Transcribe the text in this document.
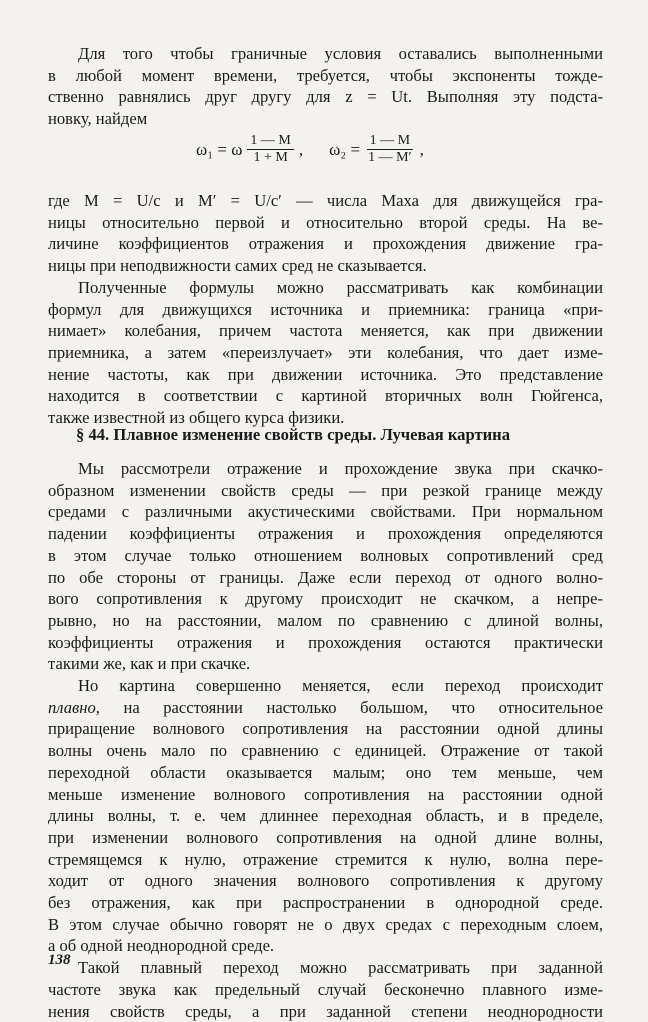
Для того чтобы граничные условия оставались выполненными
в любой момент времени, требуется, чтобы экспоненты тожде-
ственно равнялись друг другу для z = Ut. Выполняя эту подста-
новку, найдем
ω₁ = ω $\frac{1 — M}{1 + M}$ , $\omega_2 = \frac{1 — M}{1 — M'}$ ,
где M = U/c и M′ = U/c′ — числа Маха для движущейся гра-
ницы относительно первой и относительно второй среды. На ве-
личине коэффициентов отражения и прохождения движение гра-
ницы при неподвижности самих сред не сказывается.
Полученные формулы можно рассматривать как комбинации
формул для движущихся источника и приемника: граница «при-
нимает» колебания, причем частота меняется, как при движении
приемника, а затем «переизлучает» эти колебания, что дает изме-
нение частоты, как при движении источника. Это представление
находится в соответствии с картиной вторичных волн Гюйгенса,
также известной из общего курса физики.
§ 44. Плавное изменение свойств среды. Лучевая картина
Мы рассмотрели отражение и прохождение звука при скачко-
образном изменении свойств среды — при резкой границе между
средами с различными акустическими свойствами. При нормальном
падении коэффициенты отражения и прохождения определяются
в этом случае только отношением волновых сопротивлений сред
по обе стороны от границы. Даже если переход от одного волно-
вого сопротивления к другому происходит не скачком, а непре-
рывно, но на расстоянии, малом по сравнению с длиной волны,
коэффициенты отражения и прохождения остаются практически
такими же, как и при скачке.
Но картина совершенно меняется, если переход происходит
плавно, на расстоянии настолько большом, что относительное
приращение волнового сопротивления на расстоянии одной длины
волны очень мало по сравнению с единицей. Отражение от такой
переходной области оказывается малым; оно тем меньше, чем
меньше изменение волнового сопротивления на расстоянии одной
длины волны, т. е. чем длиннее переходная область, и в пределе,
при изменении волнового сопротивления на одной длине волны,
стремящемся к нулю, отражение стремится к нулю, волна пере-
ходит от одного значения волнового сопротивления к другому
без отражения, как при распространении в однородной среде.
В этом случае обычно говорят не о двух средах с переходным слоем,
а об одной неоднородной среде.
Такой плавный переход можно рассматривать при заданной
частоте звука как предельный случай бесконечно плавного изме-
нения свойств среды, а при заданной степени неоднородности
138
